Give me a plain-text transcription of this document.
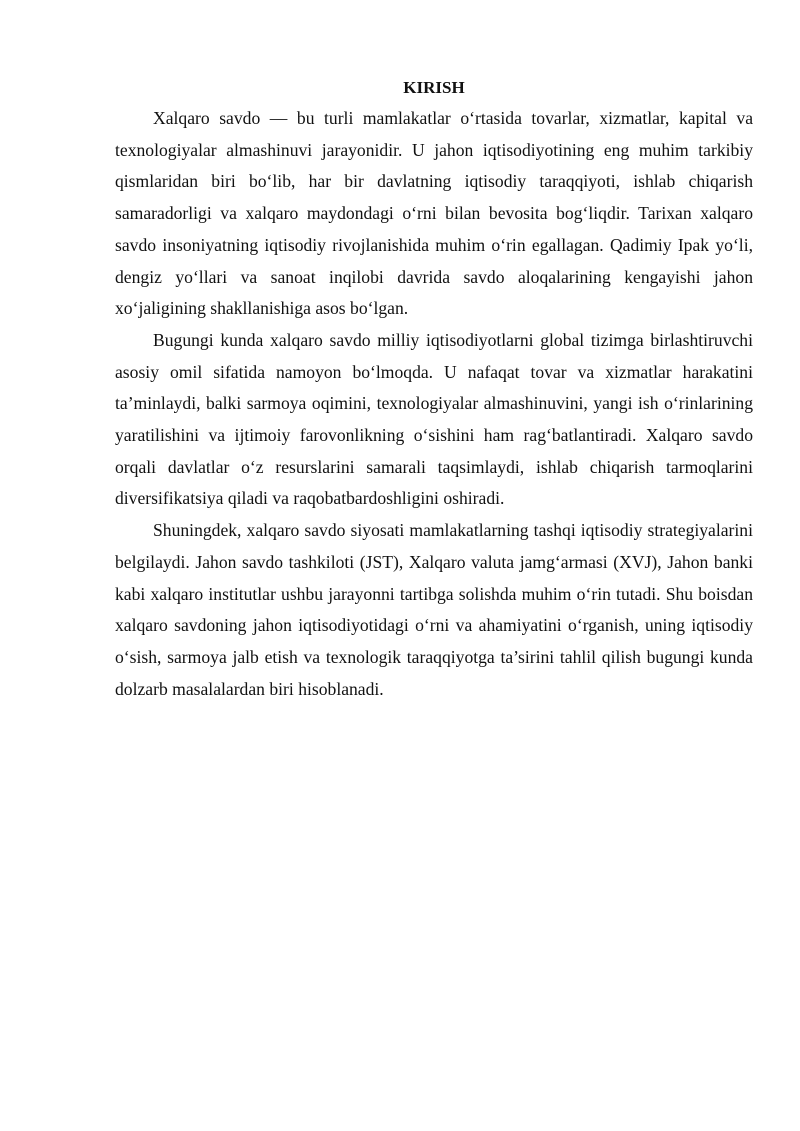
KIRISH

Xalqaro savdo — bu turli mamlakatlar o‘rtasida tovarlar, xizmatlar, kapital va texnologiyalar almashinuvi jarayonidir. U jahon iqtisodiyotining eng muhim tarkibiy qismlaridan biri bo‘lib, har bir davlatning iqtisodiy taraqqiyoti, ishlab chiqarish samaradorligi va xalqaro maydondagi o‘rni bilan bevosita bog‘liqdir. Tarixan xalqaro savdo insoniyatning iqtisodiy rivojlanishida muhim o‘rin egallagan. Qadimiy Ipak yo‘li, dengiz yo‘llari va sanoat inqilobi davrida savdo aloqalarining kengayishi jahon xo‘jaligining shakllanishiga asos bo‘lgan.

Bugungi kunda xalqaro savdo milliy iqtisodiyotlarni global tizimga birlashtiruvchi asosiy omil sifatida namoyon bo‘lmoqda. U nafaqat tovar va xizmatlar harakatini ta’minlaydi, balki sarmoya oqimini, texnologiyalar almashinuvini, yangi ish o‘rinlarining yaratilishini va ijtimoiy farovonlikning o‘sishini ham rag‘batlantiradi. Xalqaro savdo orqali davlatlar o‘z resurslarini samarali taqsimlaydi, ishlab chiqarish tarmoqlarini diversifikatsiya qiladi va raqobatbardoshligini oshiradi.

Shuningdek, xalqaro savdo siyosati mamlakatlarning tashqi iqtisodiy strategiyalarini belgilaydi. Jahon savdo tashkiloti (JST), Xalqaro valuta jamg‘armasi (XVJ), Jahon banki kabi xalqaro institutlar ushbu jarayonni tartibga solishda muhim o‘rin tutadi. Shu boisdan xalqaro savdoning jahon iqtisodiyotidagi o‘rni va ahamiyatini o‘rganish, uning iqtisodiy o‘sish, sarmoya jalb etish va texnologik taraqqiyotga ta’sirini tahlil qilish bugungi kunda dolzarb masalalardan biri hisoblanadi.
